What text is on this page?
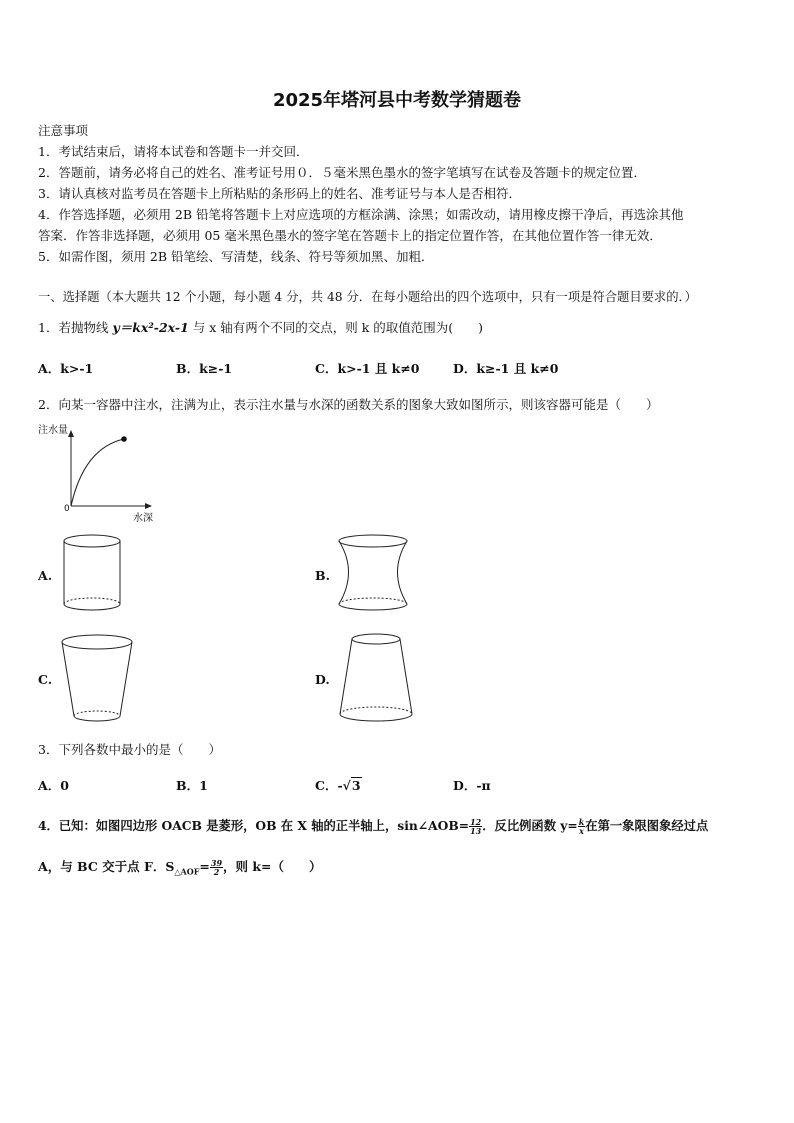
2025年塔河县中考数学猜题卷
注意事项
1．考试结束后，请将本试卷和答题卡一并交回．
2．答题前，请务必将自己的姓名、准考证号用０．５毫米黑色墨水的签字笔填写在试卷及答题卡的规定位置．
3．请认真核对监考员在答题卡上所粘贴的条形码上的姓名、准考证号与本人是否相符．
4．作答选择题，必须用 2B 铅笔将答题卡上对应选项的方框涂满、涂黑；如需改动，请用橡皮擦干净后，再选涂其他
答案．作答非选择题，必须用 05 毫米黑色墨水的签字笔在答题卡上的指定位置作答，在其他位置作答一律无效．
5．如需作图，须用 2B 铅笔绘、写清楚，线条、符号等须加黑、加粗．
一、选择题（本大题共 12 个小题，每小题 4 分，共 48 分．在每小题给出的四个选项中，只有一项是符合题目要求的．）
1．若抛物线 y＝kx²-2x-1 与 x 轴有两个不同的交点，则 k 的取值范围为(　　)
A．k>-1	B．k≥-1	C．k>-1 且 k≠0	D．k≥-1 且 k≠0
2．向某一容器中注水，注满为止，表示注水量与水深的函数关系的图象大致如图所示，则该容器可能是（　　）
注水量
0
水深
A.	B.
C.	D.
3．下列各数中最小的是（　　）
A．0	B．1	C．-√3	D．-π
4．已知：如图四边形 OACB 是菱形，OB 在 X 轴的正半轴上，sin∠AOB= $\frac{12}{13}$ ．反比例函数 $y= \frac{k}{x}$ 在第一象限图象经过点
A，与 BC 交于点 F．$S_{\triangle AOF}= \frac{39}{2}$ ，则 k=（　　）
